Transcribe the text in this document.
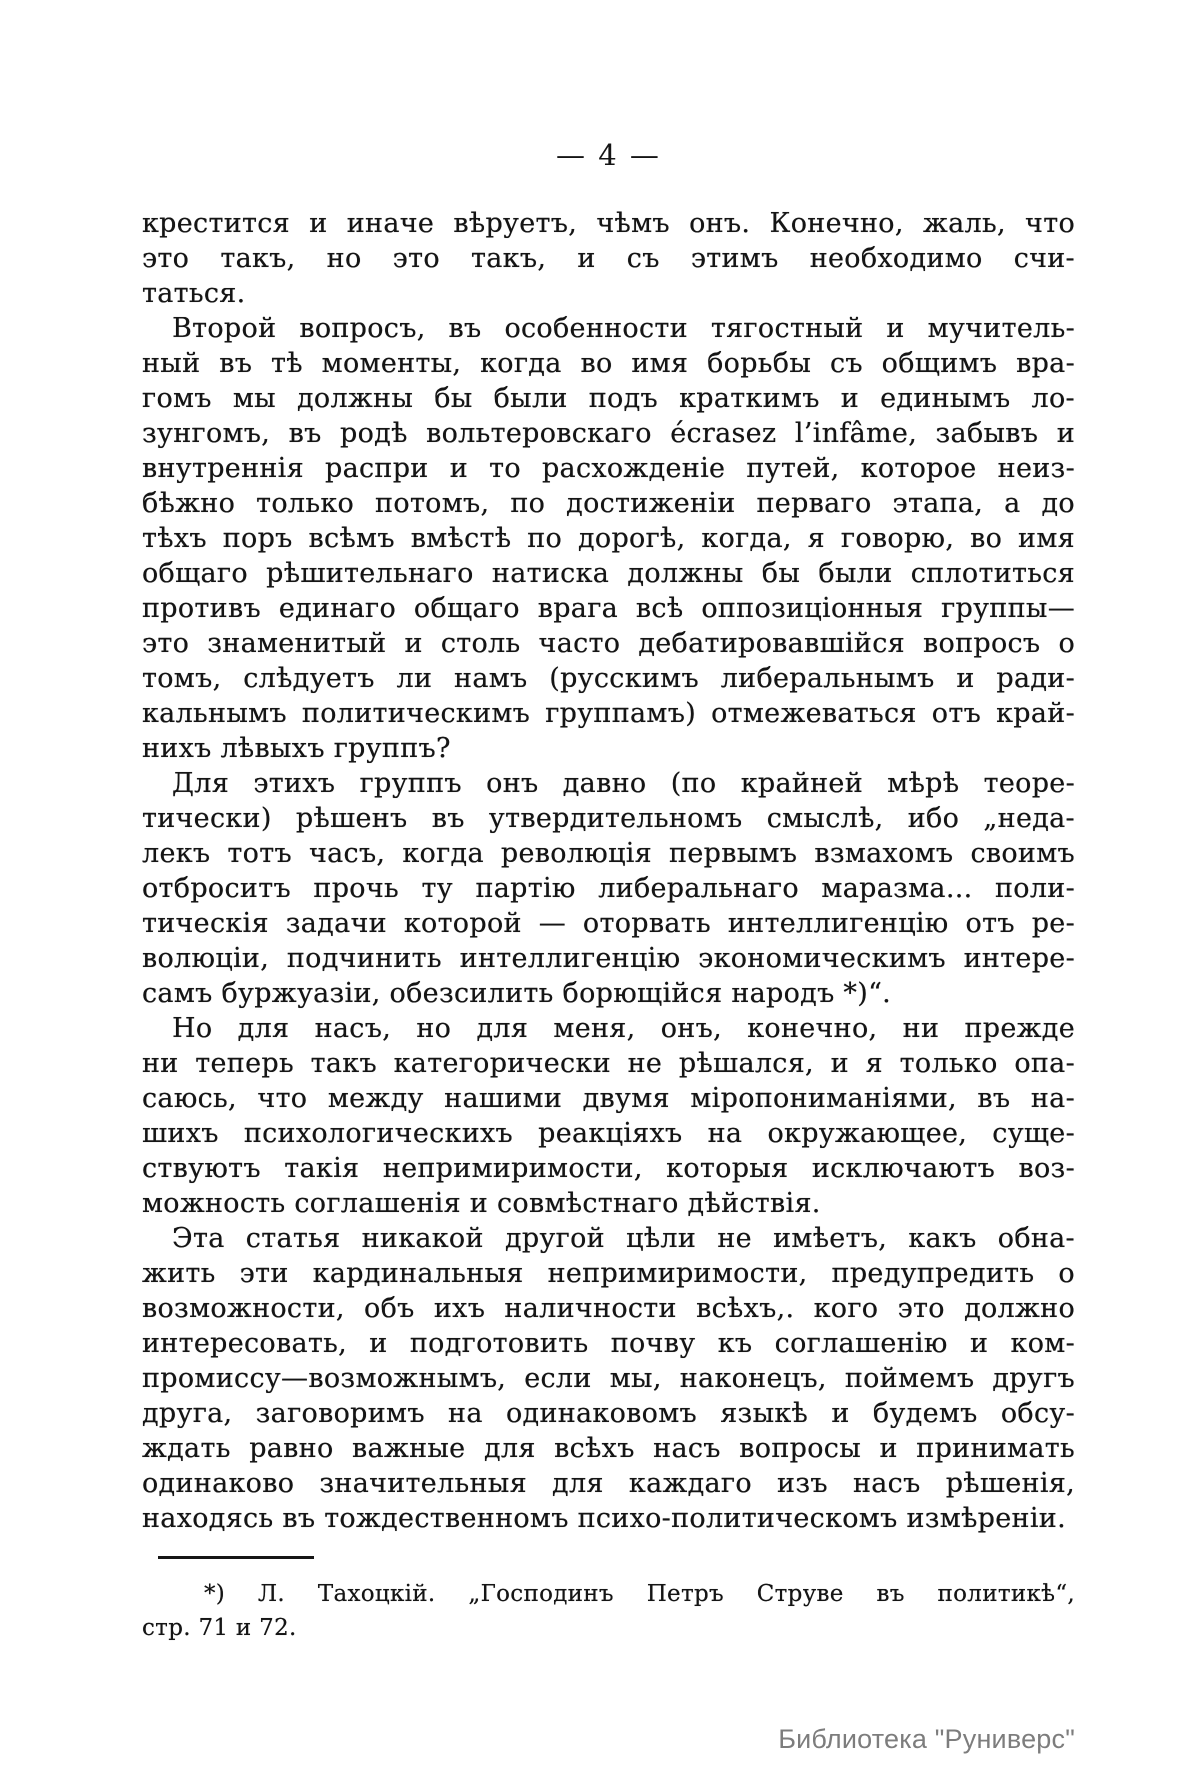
— 4 —
крестится и иначе вѣруетъ, чѣмъ онъ. Конечно, жаль, что
это такъ, но это такъ, и съ этимъ необходимо счи-
таться.
Второй вопросъ, въ особенности тягостный и мучитель-
ный въ тѣ моменты, когда во имя борьбы съ общимъ вра-
гомъ мы должны бы были подъ краткимъ и единымъ ло-
зунгомъ, въ родѣ вольтеровскаго écrasez l’infâme, забывъ и
внутреннія распри и то расхожденіе путей, которое неиз-
бѣжно только потомъ, по достиженіи перваго этапа, а до
тѣхъ поръ всѣмъ вмѣстѣ по дорогѣ, когда, я говорю, во имя
общаго рѣшительнаго натиска должны бы были сплотиться
противъ единаго общаго врага всѣ оппозиціонныя группы—
это знаменитый и столь часто дебатировавшійся вопросъ о
томъ, слѣдуетъ ли намъ (русскимъ либеральнымъ и ради-
кальнымъ политическимъ группамъ) отмежеваться отъ край-
нихъ лѣвыхъ группъ?
Для этихъ группъ онъ давно (по крайней мѣрѣ теоре-
тически) рѣшенъ въ утвердительномъ смыслѣ, ибо „неда-
лекъ тотъ часъ, когда революція первымъ взмахомъ своимъ
отброситъ прочь ту партію либеральнаго маразма... поли-
тическія задачи которой — оторвать интеллигенцію отъ ре-
волюціи, подчинить интеллигенцію экономическимъ интере-
самъ буржуазіи, обезсилить борющійся народъ *)“.
Но для насъ, но для меня, онъ, конечно, ни прежде
ни теперь такъ категорически не рѣшался, и я только опа-
саюсь, что между нашими двумя міропониманіями, въ на-
шихъ психологическихъ реакціяхъ на окружающее, суще-
ствуютъ такія непримиримости, которыя исключаютъ воз-
можность соглашенія и совмѣстнаго дѣйствія.
Эта статья никакой другой цѣли не имѣетъ, какъ обна-
жить эти кардинальныя непримиримости, предупредить о
возможности, объ ихъ наличности всѣхъ,. кого это должно
интересовать, и подготовить почву къ соглашенію и ком-
промиссу—возможнымъ, если мы, наконецъ, поймемъ другъ
друга, заговоримъ на одинаковомъ языкѣ и будемъ обсу-
ждать равно важные для всѣхъ насъ вопросы и принимать
одинаково значительныя для каждаго изъ насъ рѣшенія,
находясь въ тождественномъ психо-политическомъ измѣреніи.
*) Л. Тахоцкій. „Господинъ Петръ Струве въ политикѣ“,
стр. 71 и 72.
Библиотека "Руниверс"
